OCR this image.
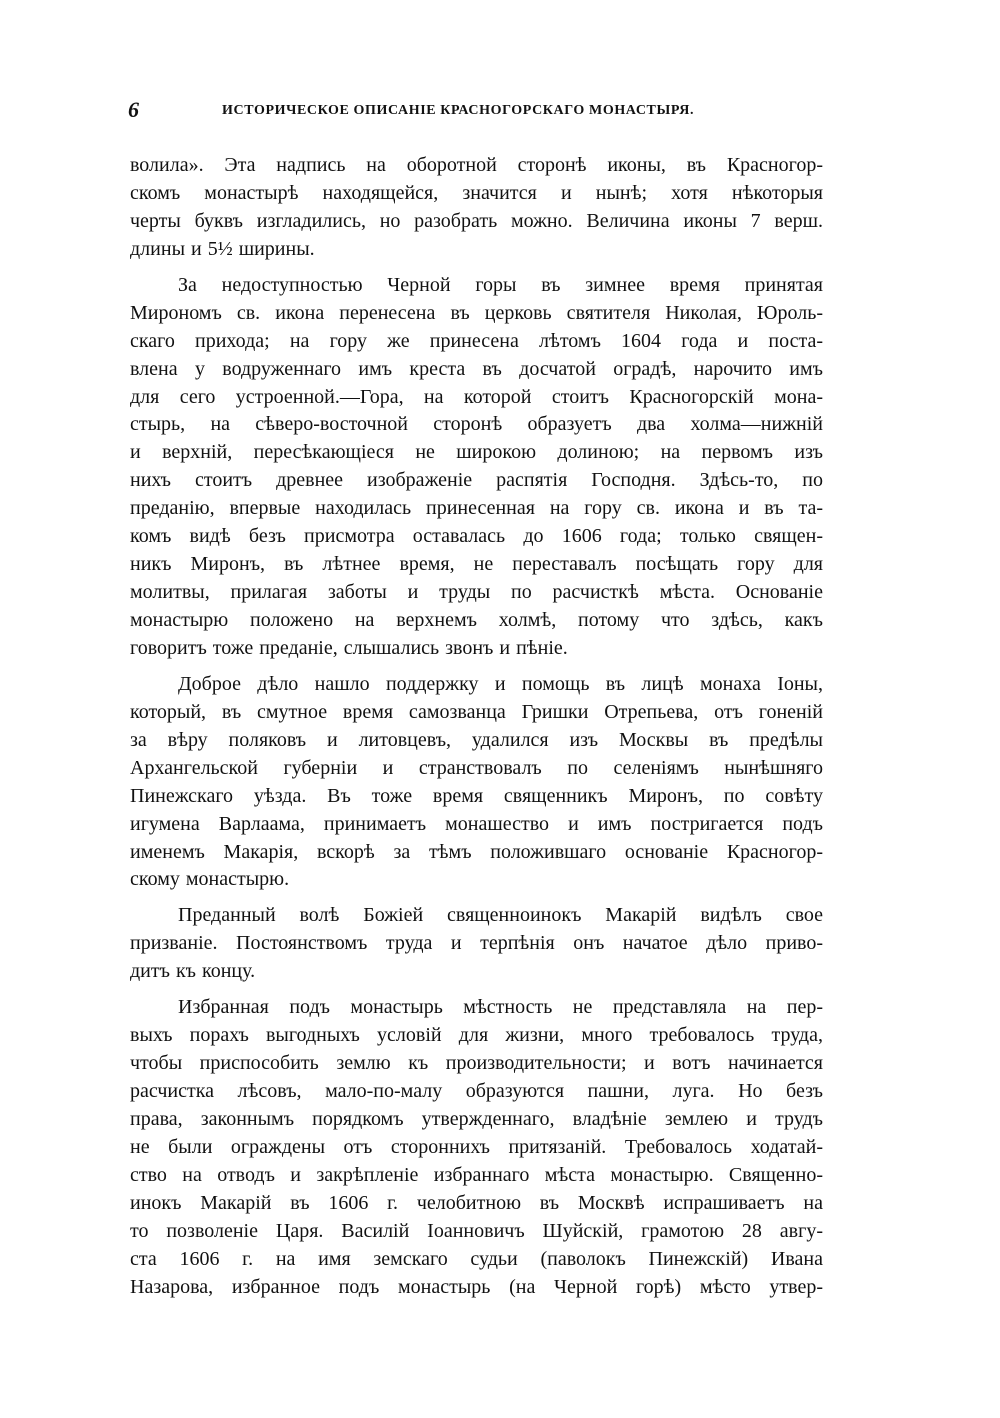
6	ИСТОРИЧЕСКОЕ ОПИСАНІЕ КРАСНОГОРСКАГО МОНАСТЫРЯ.
волила». Эта надпись на оборотной сторонѣ иконы, въ Красногор-
скомъ монастырѣ находящейся, значится и нынѣ; хотя нѣкоторыя
черты буквъ изгладились, но разобрать можно. Величина иконы 7 верш.
длины и 5½ ширины.
За недоступностью Черной горы въ зимнее время принятая
Мирономъ св. икона перенесена въ церковь святителя Николая, Юроль-
скаго прихода; на гору же принесена лѣтомъ 1604 года и поста-
влена у водруженнаго имъ креста въ досчатой оградѣ, нарочито имъ
для сего устроенной.—Гора, на которой стоитъ Красногорскій мона-
стырь, на сѣверо-восточной сторонѣ образуетъ два холма—нижній
и верхній, пересѣкающіеся не широкою долиною; на первомъ изъ
нихъ стоитъ древнее изображеніе распятія Господня. Здѣсь-то, по
преданію, впервые находилась принесенная на гору св. икона и въ та-
комъ видѣ безъ присмотра оставалась до 1606 года; только священ-
никъ Миронъ, въ лѣтнее время, не переставалъ посѣщать гору для
молитвы, прилагая заботы и труды по расчисткѣ мѣста. Основаніе
монастырю положено на верхнемъ холмѣ, потому что здѣсь, какъ
говоритъ тоже преданіе, слышались звонъ и пѣніе.
Доброе дѣло нашло поддержку и помощь въ лицѣ монаха Іоны,
который, въ смутное время самозванца Гришки Отрепьева, отъ гоненій
за вѣру поляковъ и литовцевъ, удалился изъ Москвы въ предѣлы
Архангельской губерніи и странствовалъ по селеніямъ нынѣшняго
Пинежскаго уѣзда. Въ тоже время священникъ Миронъ, по совѣту
игумена Варлаама, принимаетъ монашество и имъ постригается подъ
именемъ Макарія, вскорѣ за тѣмъ положившаго основаніе Красногор-
скому монастырю.
Преданный волѣ Божіей священноинокъ Макарій видѣлъ свое
призваніе. Постоянствомъ труда и терпѣнія онъ начатое дѣло приво-
дитъ къ концу.
Избранная подъ монастырь мѣстность не представляла на пер-
выхъ порахъ выгодныхъ условій для жизни, много требовалось труда,
чтобы приспособить землю къ производительности; и вотъ начинается
расчистка лѣсовъ, мало-по-малу образуются пашни, луга. Но безъ
права, законнымъ порядкомъ утвержденнаго, владѣніе землею и трудъ
не были ограждены отъ стороннихъ притязаній. Требовалось ходатай-
ство на отводъ и закрѣпленіе избраннаго мѣста монастырю. Священно-
инокъ Макарій въ 1606 г. челобитною въ Москвѣ испрашиваетъ на
то позволеніе Царя. Василій Іоанновичъ Шуйскій, грамотою 28 авгу-
ста 1606 г. на имя земскаго судьи (паволокъ Пинежскій) Ивана
Назарова, избранное подъ монастырь (на Черной горѣ) мѣсто утвер-
